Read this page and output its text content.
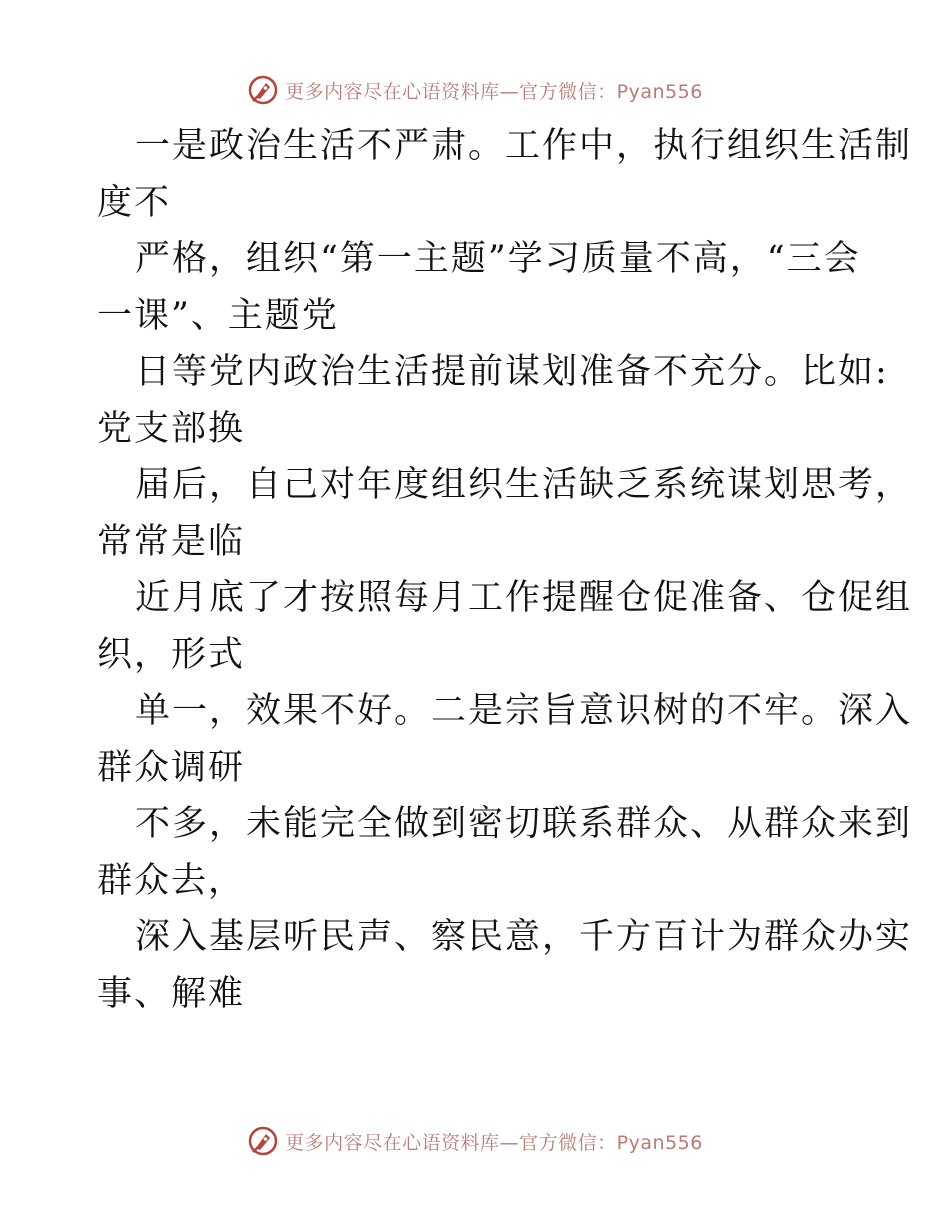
更多内容尽在心语资料库—官方微信：Pyan556

一是政治生活不严肃。工作中，执行组织生活制
度不

严格，组织“第一主题”学习质量不高，“三会
一课”、主题党

日等党内政治生活提前谋划准备不充分。比如:
党支部换

届后，自己对年度组织生活缺乏系统谋划思考，
常常是临

近月底了才按照每月工作提醒仓促准备、仓促组
织，形式

单一，效果不好。二是宗旨意识树的不牢。深入
群众调研

不多，未能完全做到密切联系群众、从群众来到
群众去，

深入基层听民声、察民意，千方百计为群众办实
事、解难

更多内容尽在心语资料库—官方微信：Pyan556
